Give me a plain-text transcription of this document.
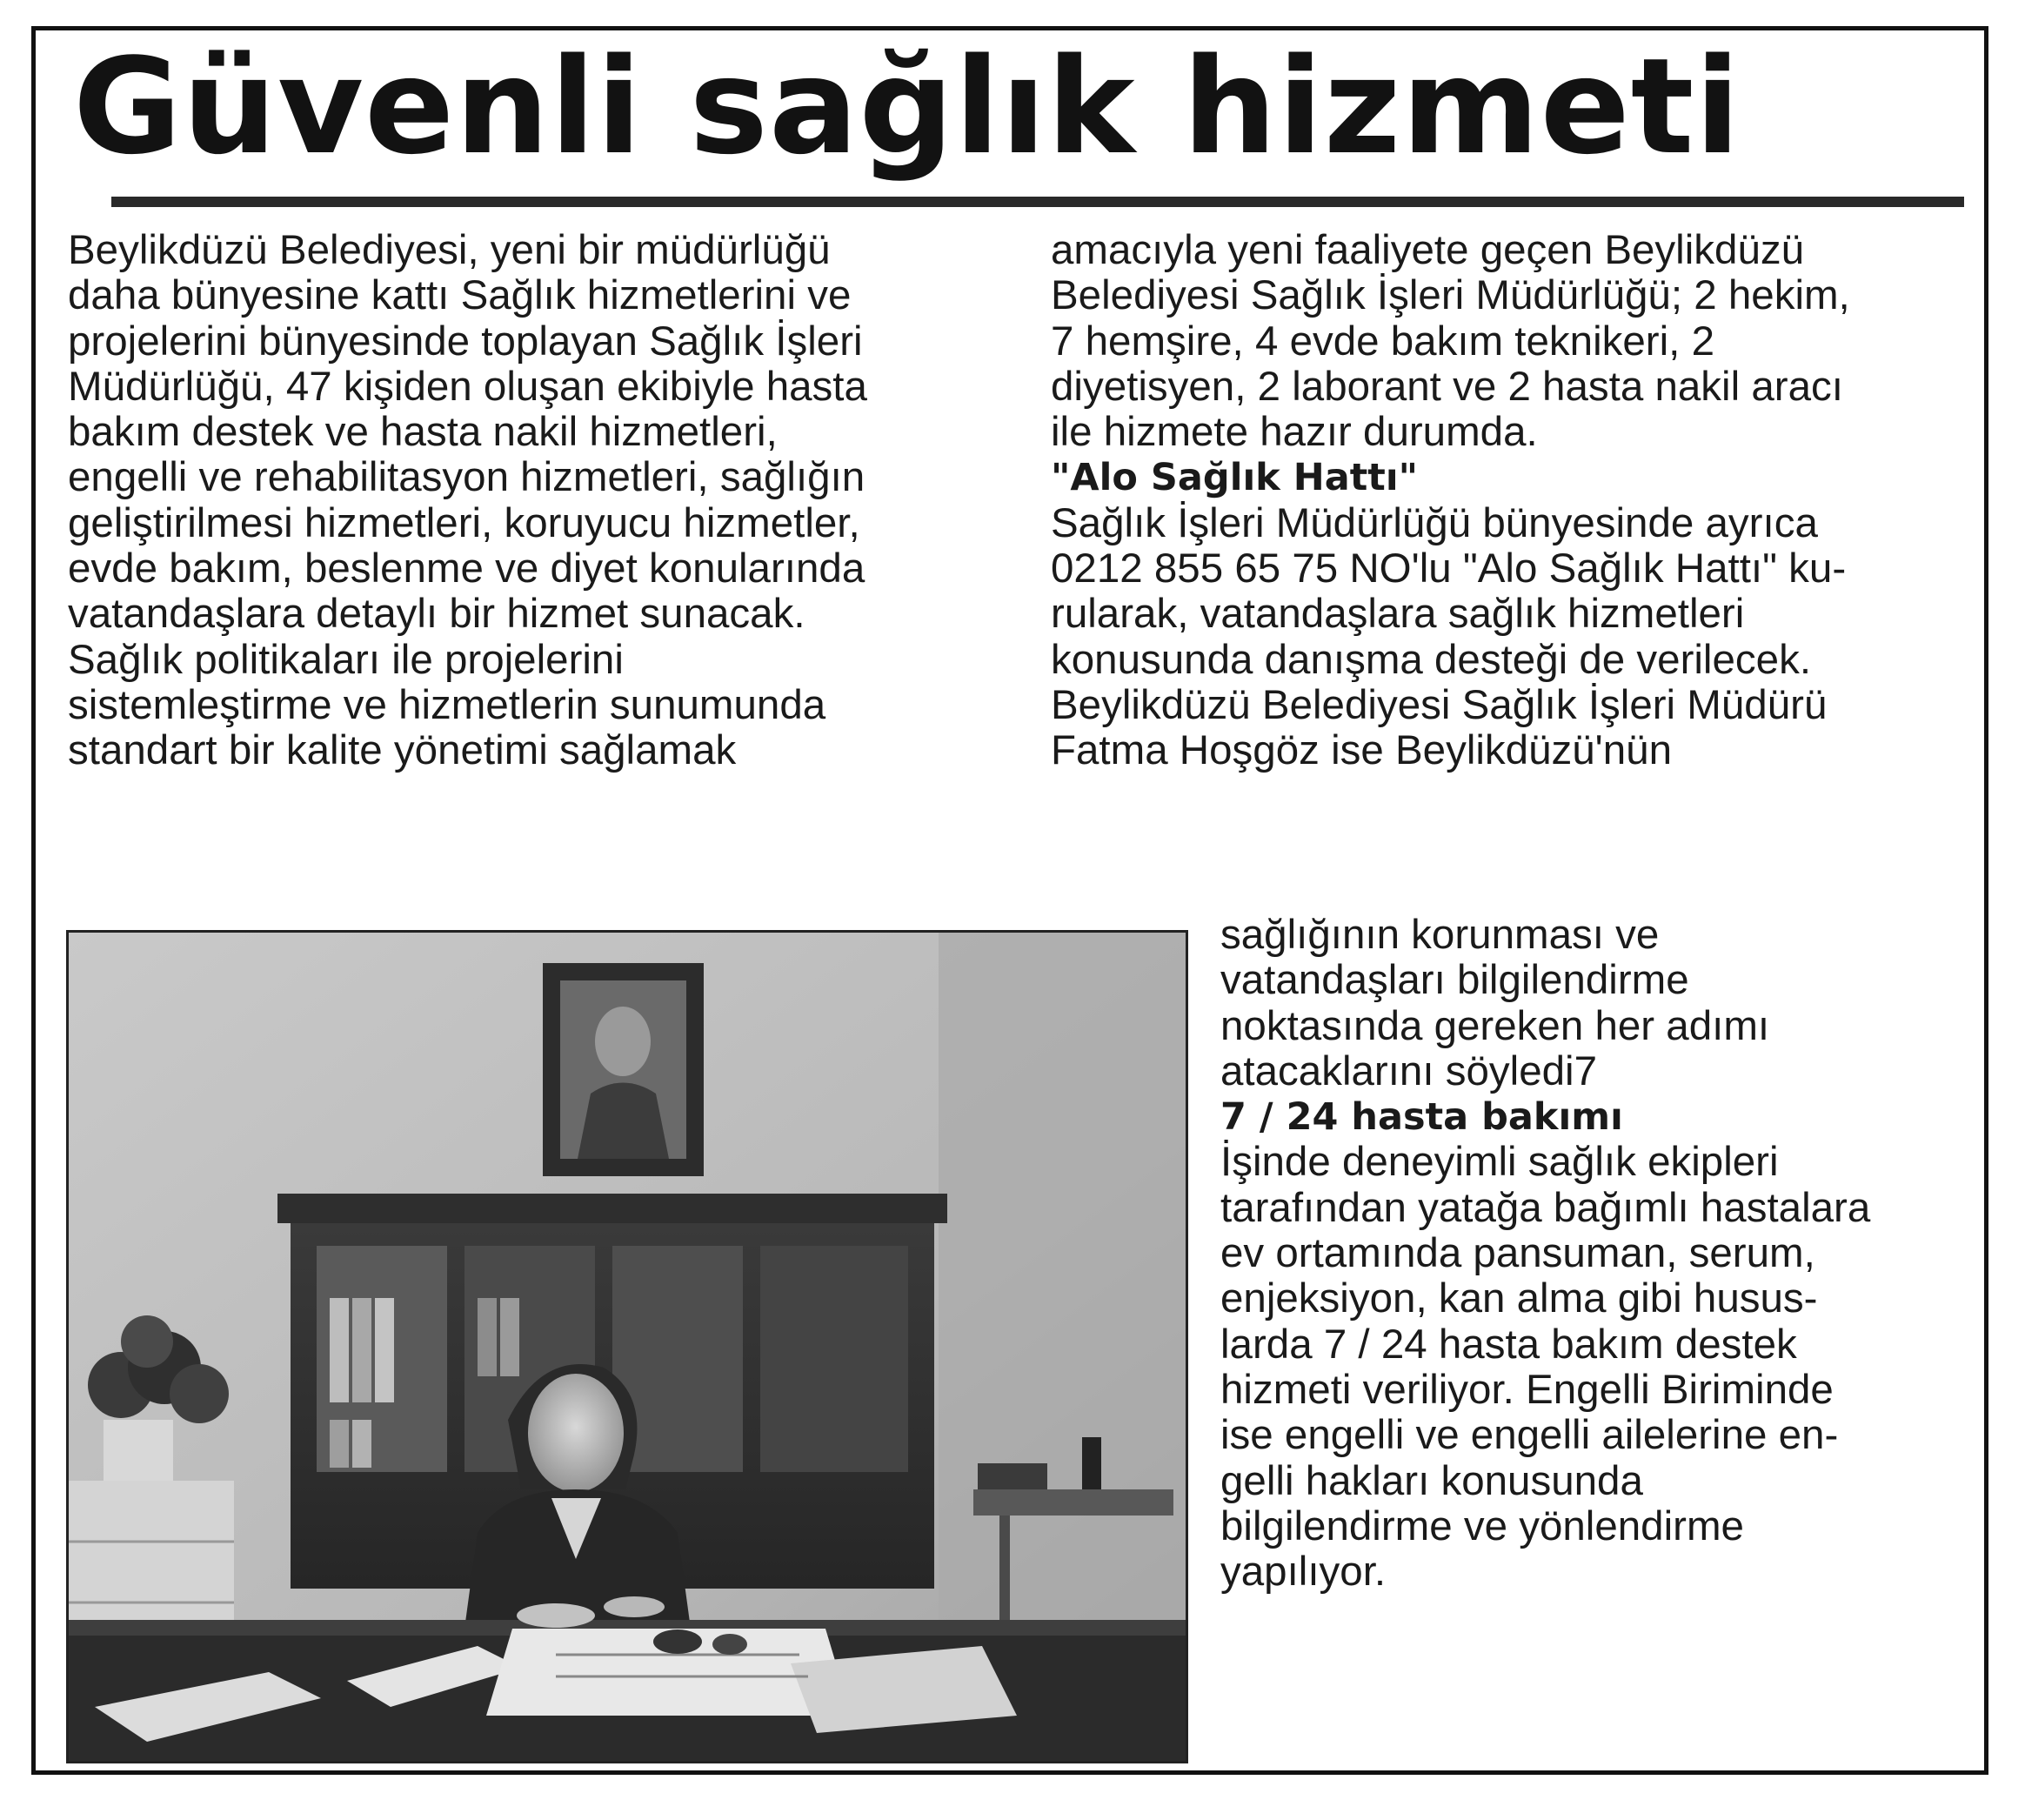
Güvenli sağlık hizmeti

Beylikdüzü Belediyesi, yeni bir müdürlüğü

daha bünyesine kattı Sağlık hizmetlerini ve

projelerini bünyesinde toplayan Sağlık İşleri

Müdürlüğü, 47 kişiden oluşan ekibiyle hasta

bakım destek ve hasta nakil hizmetleri,

engelli ve rehabilitasyon hizmetleri, sağlığın

geliştirilmesi hizmetleri, koruyucu hizmetler,

evde bakım, beslenme ve diyet konularında

vatandaşlara detaylı bir hizmet sunacak.

Sağlık politikaları ile projelerini

sistemleştirme ve hizmetlerin sunumunda

standart bir kalite yönetimi sağlamak

amacıyla yeni faaliyete geçen Beylikdüzü

Belediyesi Sağlık İşleri Müdürlüğü; 2 hekim,

7 hemşire, 4 evde bakım teknikeri, 2

diyetisyen, 2 laborant ve 2 hasta nakil aracı

ile hizmete hazır durumda.

"Alo Sağlık Hattı"

Sağlık İşleri Müdürlüğü bünyesinde ayrıca

0212 855 65 75 NO'lu "Alo Sağlık Hattı" ku-

rularak, vatandaşlara sağlık hizmetleri

konusunda danışma desteği de verilecek.

Beylikdüzü Belediyesi Sağlık İşleri Müdürü

Fatma Hoşgöz ise Beylikdüzü'nün

sağlığının korunması ve

vatandaşları bilgilendirme

noktasında gereken her adımı

atacaklarını söyledi7

7 / 24 hasta bakımı

İşinde deneyimli sağlık ekipleri

tarafından yatağa bağımlı hastalara

ev ortamında pansuman, serum,

enjeksiyon, kan alma gibi husus-

larda 7 / 24 hasta bakım destek

hizmeti veriliyor. Engelli Biriminde

ise engelli ve engelli ailelerine en-

gelli hakları konusunda

bilgilendirme ve yönlendirme

yapılıyor.
